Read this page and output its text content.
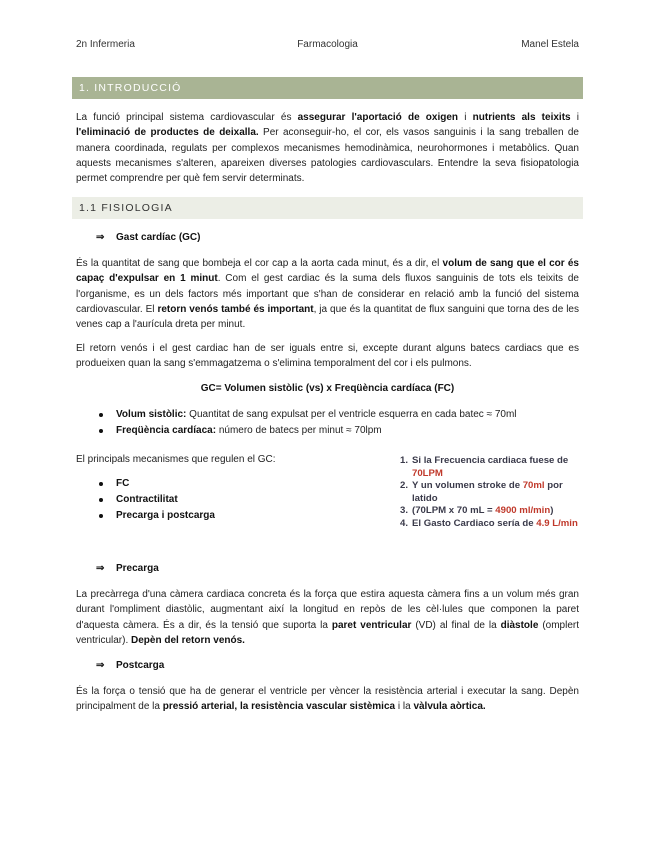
2n Infermeria	Farmacologia	Manel Estela
1. INTRODUCCIÓ

La funció principal sistema cardiovascular és assegurar l'aportació de oxigen i nutrients als teixits i l'eliminació de productes de deixalla. Per aconseguir-ho, el cor, els vasos sanguinis i la sang treballen de manera coordinada, regulats per complexos mecanismes hemodinàmica, neurohormones i metabòlics. Quan aquests mecanismes s'alteren, apareixen diverses patologies cardiovasculars. Entendre la seva fisiopatologia permet comprendre per què fem servir determinats.

1.1 FISIOLOGIA
⇒ Gast cardíac (GC)

És la quantitat de sang que bombeja el cor cap a la aorta cada minut, és a dir, el volum de sang que el cor és capaç d'expulsar en 1 minut. Com el gest cardiac és la suma dels fluxos sanguinis de tots els teixits de l'organisme, es un dels factors més important que s'han de considerar en relació amb la funció del sistema cardiovascular. El retorn venós també és important, ja que és la quantitat de flux sanguini que torna des de les venes cap a l'aurícula dreta per minut.

El retorn venós i el gest cardiac han de ser iguals entre si, excepte durant alguns batecs cardiacs que es produeixen quan la sang s'emmagatzema o s'elimina temporalment del cor i els pulmons.

GC= Volumen sistòlic (vs) x Freqüència cardíaca (FC)
Volum sistòlic: Quantitat de sang expulsat per el ventricle esquerra en cada batec ≈ 70ml
Freqüència cardíaca: número de batecs per minut ≈ 70lpm

El principals mecanismes que regulen el GC:

FC
Contractilitat
Precarga i postcarga
1. Si la Frecuencia cardiaca fuese de
70LPM
2. Y un volumen stroke de 70ml por latido
3. (70LPM x 70 mL = 4900 ml/min)
4. El Gasto Cardiaco sería de 4.9 L/min
⇒ Precarga

La precàrrega d'una càmera cardiaca concreta és la força que estira aquesta càmera fins a un volum més gran durant l'ompliment diastòlic, augmentant així la longitud en repòs de les cèl·lules que componen la paret d'aquesta càmera. És a dir, és la tensió que suporta la paret ventricular (VD) al final de la diàstole (omplert ventricular). Depèn del retorn venós.

⇒ Postcarga

És la força o tensió que ha de generar el ventricle per vèncer la resistència arterial i executar la sang. Depèn principalment de la pressió arterial, la resistència vascular sistèmica i la vàlvula aòrtica.
